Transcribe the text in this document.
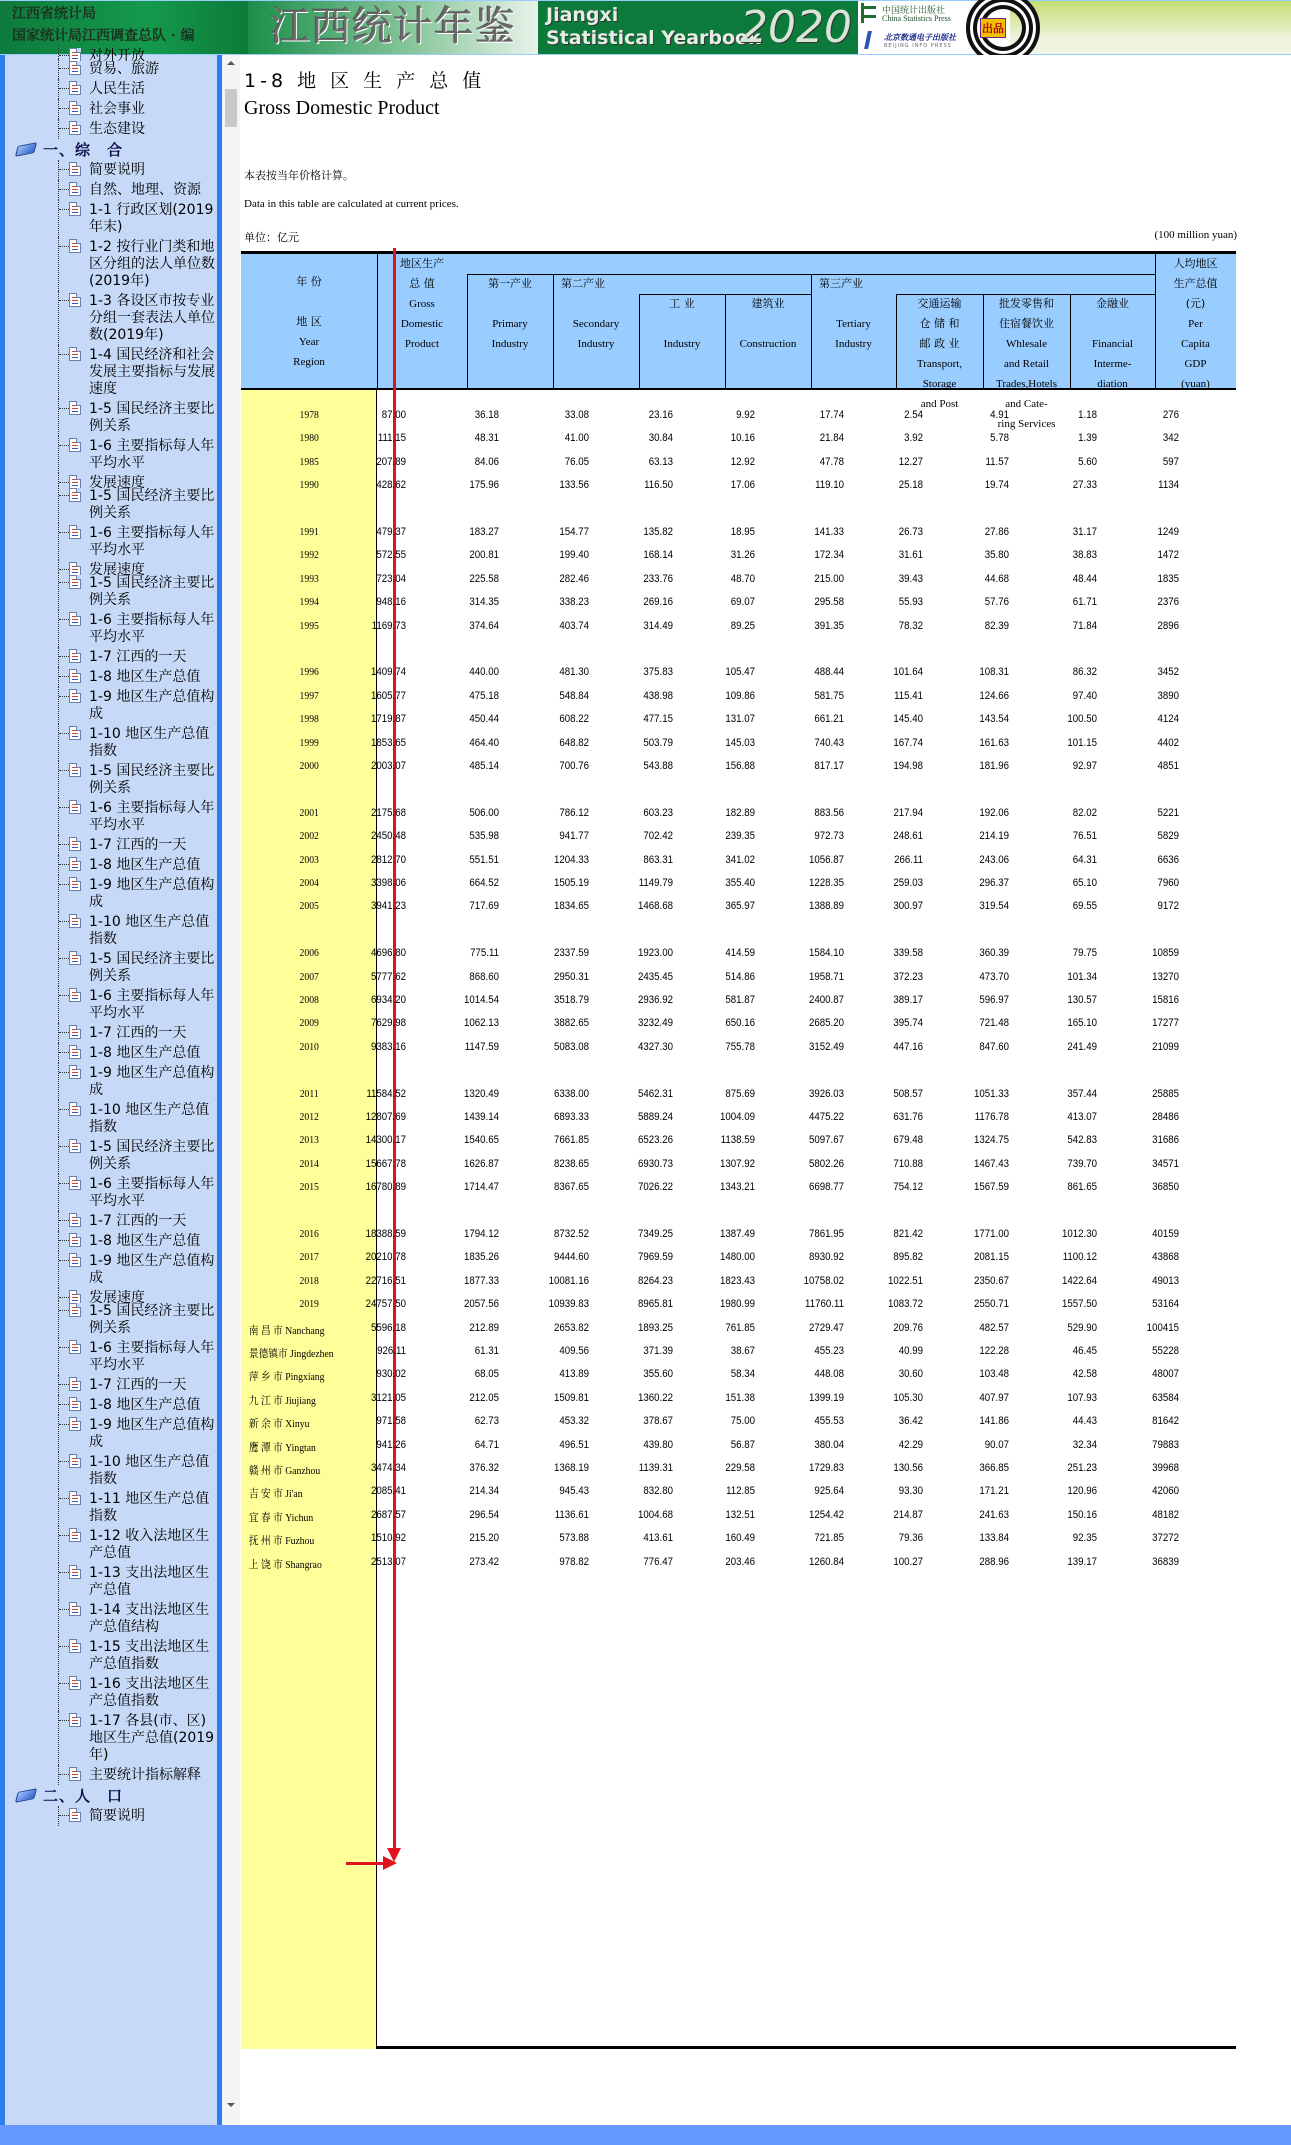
江西省统计局
国家统计局江西调查总队 · 编	江西统计年鉴	Jiangxi
Statistical Yearbook
2020	中国统计出版社
China Statistics Press
北京数通电子出版社
BEIJING INFO PRESS
出品
对外开放
贸易、旅游
人民生活
社会事业
生态建设
一、综　合
简要说明
自然、地理、资源
1-1 行政区划(2019年末)
1-2 按行业门类和地区分组的法人单位数(2019年)
1-3 各设区市按专业分组一套表法人单位数(2019年)
1-4 国民经济和社会发展主要指标与发展速度
1-5 国民经济主要比例关系
1-6 主要指标每人年平均水平
发展速度
1-5 国民经济主要比例关系
1-6 主要指标每人年平均水平
发展速度
1-5 国民经济主要比例关系
1-6 主要指标每人年平均水平
1-7 江西的一天
1-8 地区生产总值
1-9 地区生产总值构成
1-10 地区生产总值指数
1-5 国民经济主要比例关系
1-6 主要指标每人年平均水平
1-7 江西的一天
1-8 地区生产总值
1-9 地区生产总值构成
1-10 地区生产总值指数
1-5 国民经济主要比例关系
1-6 主要指标每人年平均水平
1-7 江西的一天
1-8 地区生产总值
1-9 地区生产总值构成
1-10 地区生产总值指数
1-5 国民经济主要比例关系
1-6 主要指标每人年平均水平
1-7 江西的一天
1-8 地区生产总值
1-9 地区生产总值构成
发展速度
1-5 国民经济主要比例关系
1-6 主要指标每人年平均水平
1-7 江西的一天
1-8 地区生产总值
1-9 地区生产总值构成
1-10 地区生产总值指数
1-11 地区生产总值指数
1-12 收入法地区生产总值
1-13 支出法地区生产总值
1-14 支出法地区生产总值结构
1-15 支出法地区生产总值指数
1-16 支出法地区生产总值指数
1-17 各县(市、区)地区生产总值(2019年)
主要统计指标解释
二、人　口
简要说明
1-8 地 区 生 产 总 值
Gross Domestic Product
本表按当年价格计算。
Data in this table are calculated at current prices.
单位：亿元	(100 million yuan)
年 份
地 区
Year
Region
地区生产
总 值
Gross
Domestic
Product
第一产业
Primary
Industry
第二产业
Secondary
Industry
工 业
Industry
建筑业
Construction
第三产业
Tertiary
Industry
交通运输
仓 储 和
邮 政 业
Transport,
Storage
and Post
批发零售和
住宿餐饮业
Whlesale
and Retail
Trades,Hotels
and Cate-
ring Services
金融业
Financial
Interme-
diation
人均地区
生产总值
(元)
Per
Capita
GDP
(yuan)
1978	87.00	36.18	33.08	23.16	9.92	17.74	2.54	4.91	1.18	276
1980	111.15	48.31	41.00	30.84	10.16	21.84	3.92	5.78	1.39	342
1985	207.89	84.06	76.05	63.13	12.92	47.78	12.27	11.57	5.60	597
1990	428.62	175.96	133.56	116.50	17.06	119.10	25.18	19.74	27.33	1134
1991	479.37	183.27	154.77	135.82	18.95	141.33	26.73	27.86	31.17	1249
1992	572.55	200.81	199.40	168.14	31.26	172.34	31.61	35.80	38.83	1472
1993	723.04	225.58	282.46	233.76	48.70	215.00	39.43	44.68	48.44	1835
1994	948.16	314.35	338.23	269.16	69.07	295.58	55.93	57.76	61.71	2376
1995	1169.73	374.64	403.74	314.49	89.25	391.35	78.32	82.39	71.84	2896
1996	1409.74	440.00	481.30	375.83	105.47	488.44	101.64	108.31	86.32	3452
1997	1605.77	475.18	548.84	438.98	109.86	581.75	115.41	124.66	97.40	3890
1998	1719.87	450.44	608.22	477.15	131.07	661.21	145.40	143.54	100.50	4124
1999	1853.65	464.40	648.82	503.79	145.03	740.43	167.74	161.63	101.15	4402
2000	2003.07	485.14	700.76	543.88	156.88	817.17	194.98	181.96	92.97	4851
2001	2175.68	506.00	786.12	603.23	182.89	883.56	217.94	192.06	82.02	5221
2002	2450.48	535.98	941.77	702.42	239.35	972.73	248.61	214.19	76.51	5829
2003	2812.70	551.51	1204.33	863.31	341.02	1056.87	266.11	243.06	64.31	6636
2004	3398.06	664.52	1505.19	1149.79	355.40	1228.35	259.03	296.37	65.10	7960
2005	3941.23	717.69	1834.65	1468.68	365.97	1388.89	300.97	319.54	69.55	9172
2006	4696.80	775.11	2337.59	1923.00	414.59	1584.10	339.58	360.39	79.75	10859
2007	5777.62	868.60	2950.31	2435.45	514.86	1958.71	372.23	473.70	101.34	13270
2008	6934.20	1014.54	3518.79	2936.92	581.87	2400.87	389.17	596.97	130.57	15816
2009	7629.98	1062.13	3882.65	3232.49	650.16	2685.20	395.74	721.48	165.10	17277
2010	9383.16	1147.59	5083.08	4327.30	755.78	3152.49	447.16	847.60	241.49	21099
2011	11584.52	1320.49	6338.00	5462.31	875.69	3926.03	508.57	1051.33	357.44	25885
2012	12807.69	1439.14	6893.33	5889.24	1004.09	4475.22	631.76	1176.78	413.07	28486
2013	14300.17	1540.65	7661.85	6523.26	1138.59	5097.67	679.48	1324.75	542.83	31686
2014	15667.78	1626.87	8238.65	6930.73	1307.92	5802.26	710.88	1467.43	739.70	34571
2015	16780.89	1714.47	8367.65	7026.22	1343.21	6698.77	754.12	1567.59	861.65	36850
2016	18388.59	1794.12	8732.52	7349.25	1387.49	7861.95	821.42	1771.00	1012.30	40159
2017	20210.78	1835.26	9444.60	7969.59	1480.00	8930.92	895.82	2081.15	1100.12	43868
2018	22716.51	1877.33	10081.16	8264.23	1823.43	10758.02	1022.51	2350.67	1422.64	49013
2019	24757.50	2057.56	10939.83	8965.81	1980.99	11760.11	1083.72	2550.71	1557.50	53164
南 昌 市 Nanchang	5596.18	212.89	2653.82	1893.25	761.85	2729.47	209.76	482.57	529.90	100415
景德镇市 Jingdezhen	926.11	61.31	409.56	371.39	38.67	455.23	40.99	122.28	46.45	55228
萍 乡 市 Pingxiang	930.02	68.05	413.89	355.60	58.34	448.08	30.60	103.48	42.58	48007
九 江 市 Jiujiang	3121.05	212.05	1509.81	1360.22	151.38	1399.19	105.30	407.97	107.93	63584
新 余 市 Xinyu	971.58	62.73	453.32	378.67	75.00	455.53	36.42	141.86	44.43	81642
鹰 潭 市 Yingtan	941.26	64.71	496.51	439.80	56.87	380.04	42.29	90.07	32.34	79883
赣 州 市 Ganzhou	3474.34	376.32	1368.19	1139.31	229.58	1729.83	130.56	366.85	251.23	39968
吉 安 市 Ji'an	2085.41	214.34	945.43	832.80	112.85	925.64	93.30	171.21	120.96	42060
宜 春 市 Yichun	2687.57	296.54	1136.61	1004.68	132.51	1254.42	214.87	241.63	150.16	48182
抚 州 市 Fuzhou	1510.92	215.20	573.88	413.61	160.49	721.85	79.36	133.84	92.35	37272
上 饶 市 Shangrao	2513.07	273.42	978.82	776.47	203.46	1260.84	100.27	288.96	139.17	36839
